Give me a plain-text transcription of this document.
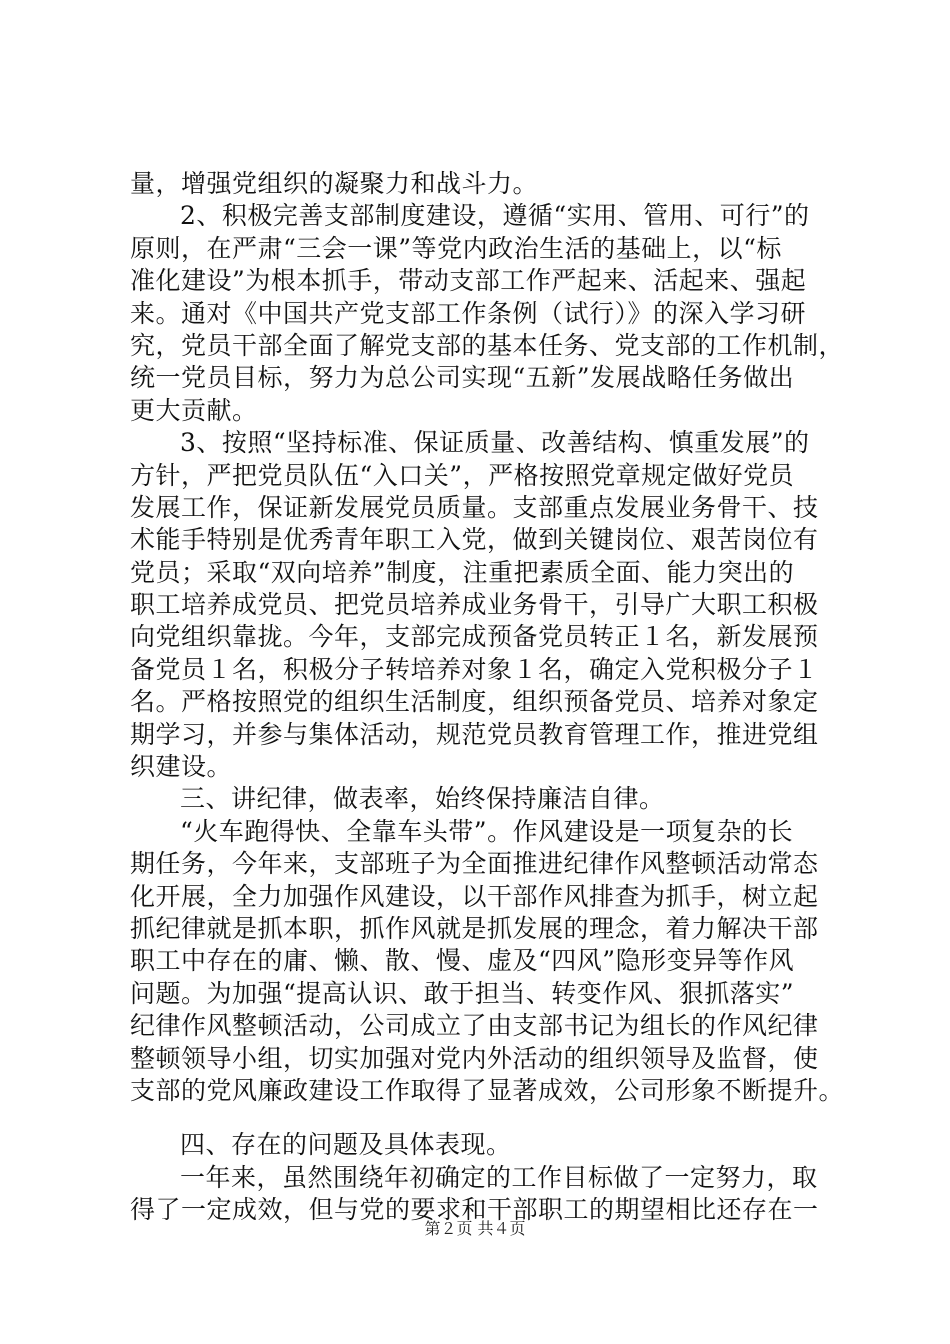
量，增强党组织的凝聚力和战斗力。
2、积极完善支部制度建设，遵循“实用、管用、可行”的
原则，在严肃“三会一课”等党内政治生活的基础上，以“标
准化建设”为根本抓手，带动支部工作严起来、活起来、强起
来。通对《中国共产党支部工作条例（试行）》的深入学习研
究，党员干部全面了解党支部的基本任务、党支部的工作机制，
统一党员目标，努力为总公司实现“五新”发展战略任务做出
更大贡献。
3、按照“坚持标准、保证质量、改善结构、慎重发展”的
方针，严把党员队伍“入口关”，严格按照党章规定做好党员
发展工作，保证新发展党员质量。支部重点发展业务骨干、技
术能手特别是优秀青年职工入党，做到关键岗位、艰苦岗位有
党员；采取“双向培养”制度，注重把素质全面、能力突出的
职工培养成党员、把党员培养成业务骨干，引导广大职工积极
向党组织靠拢。今年，支部完成预备党员转正１名，新发展预
备党员１名，积极分子转培养对象１名，确定入党积极分子１
名。严格按照党的组织生活制度，组织预备党员、培养对象定
期学习，并参与集体活动，规范党员教育管理工作，推进党组
织建设。
三、讲纪律，做表率，始终保持廉洁自律。
“火车跑得快、全靠车头带”。作风建设是一项复杂的长
期任务，今年来，支部班子为全面推进纪律作风整顿活动常态
化开展，全力加强作风建设，以干部作风排查为抓手，树立起
抓纪律就是抓本职，抓作风就是抓发展的理念，着力解决干部
职工中存在的庸、懒、散、慢、虚及“四风”隐形变异等作风
问题。为加强“提高认识、敢于担当、转变作风、狠抓落实”
纪律作风整顿活动，公司成立了由支部书记为组长的作风纪律
整顿领导小组，切实加强对党内外活动的组织领导及监督，使
支部的党风廉政建设工作取得了显著成效，公司形象不断提升。
四、存在的问题及具体表现。
一年来，虽然围绕年初确定的工作目标做了一定努力，取
得了一定成效，但与党的要求和干部职工的期望相比还存在一
第２页 共４页
